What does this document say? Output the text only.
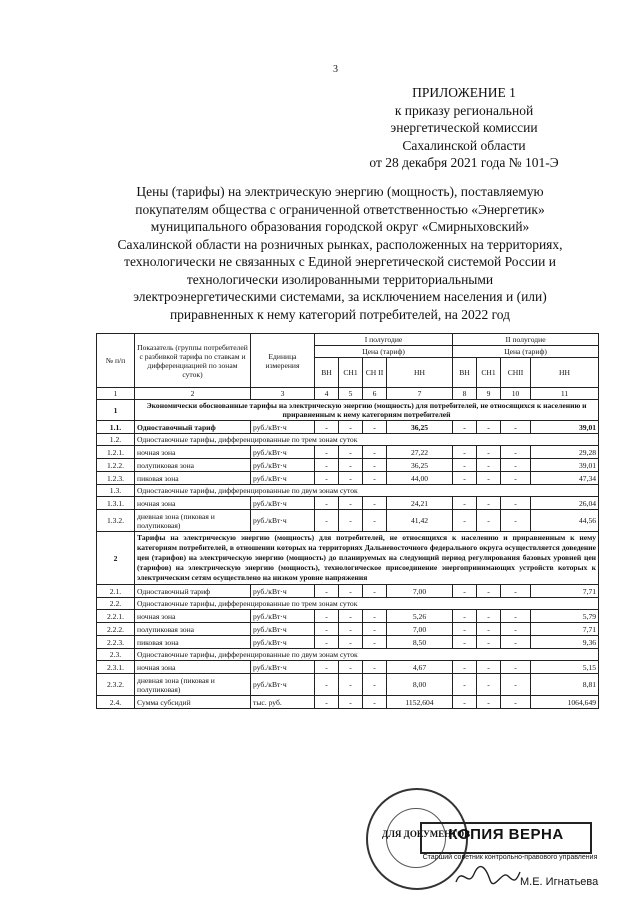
3
ПРИЛОЖЕНИЕ 1
к приказу региональной
энергетической комиссии
Сахалинской области
от 28 декабря 2021 года № 101-Э
Цены (тарифы) на электрическую энергию (мощность), поставляемую
покупателям общества с ограниченной ответственностью «Энергетик»
муниципального образования городской округ «Смирныховский»
Сахалинской области на розничных рынках, расположенных на территориях,
технологически не связанных с Единой энергетической системой России и
технологически изолированными территориальными
электроэнергетическими системами, за исключением населения и (или)
приравненных к нему категорий потребителей, на 2022 год
№ п/п	Показатель (группы потребителей с разбивкой тарифа по ставкам и дифференциацией по зонам суток)	Единица измерения	I полугодие				II полугодие			
			Цена (тариф)				Цена (тариф)			
			ВН	СН1	СН II	НН	ВН	СН1	СНII	НН
1	2	3	4	5	6	7	8	9	10	11
1	Экономически обоснованные тарифы на электрическую энергию (мощность) для потребителей, не относящихся к населению и приравненным к нему категориям потребителей									
1.1.	Одноставочный тариф	руб./кВт·ч	-	-	-	36,25	-	-	-	39,01
1.2.	Одноставочные тарифы, дифференцированные по трем зонам суток									
1.2.1.	ночная зона	руб./кВт·ч	-	-	-	27,22	-	-	-	29,28
1.2.2.	полупиковая зона	руб./кВт·ч	-	-	-	36,25	-	-	-	39,01
1.2.3.	пиковая зона	руб./кВт·ч	-	-	-	44,00	-	-	-	47,34
1.3.	Одноставочные тарифы, дифференцированные по двум зонам суток									
1.3.1.	ночная зона	руб./кВт·ч	-	-	-	24,21	-	-	-	26,04
1.3.2.	дневная зона (пиковая и полупиковая)	руб./кВт·ч	-	-	-	41,42	-	-	-	44,56
2	Тарифы на электрическую энергию (мощность) для потребителей, не относящихся к населению и приравненным к нему категориям потребителей, в отношении которых на территориях Дальневосточного федерального округа осуществляется доведение цен (тарифов) на электрическую энергию (мощность) до планируемых на следующий период регулирования базовых уровней цен (тарифов) на электрическую энергию (мощность), технологическое присоединение энергопринимающих устройств которых к электрическим сетям осуществлено на низком уровне напряжения									
2.1.	Одноставочный тариф	руб./кВт·ч	-	-	-	7,00	-	-	-	7,71
2.2.	Одноставочные тарифы, дифференцированные по трем зонам суток									
2.2.1.	ночная зона	руб./кВт·ч	-	-	-	5,26	-	-	-	5,79
2.2.2.	полупиковая зона	руб./кВт·ч	-	-	-	7,00	-	-	-	7,71
2.2.3.	пиковая зона	руб./кВт·ч	-	-	-	8,50	-	-	-	9,36
2.3.	Одноставочные тарифы, дифференцированные по двум зонам суток									
2.3.1.	ночная зона	руб./кВт·ч	-	-	-	4,67	-	-	-	5,15
2.3.2.	дневная зона (пиковая и полупиковая)	руб./кВт·ч	-	-	-	8,00	-	-	-	8,81
2.4.	Сумма субсидий	тыс. руб.	-	-	-	1152,604	-	-	-	1064,649
ДЛЯ ДОКУМЕНТОВ
КОПИЯ ВЕРНА
Старший советник контрольно-правового управления
М.Е. Игнатьева
